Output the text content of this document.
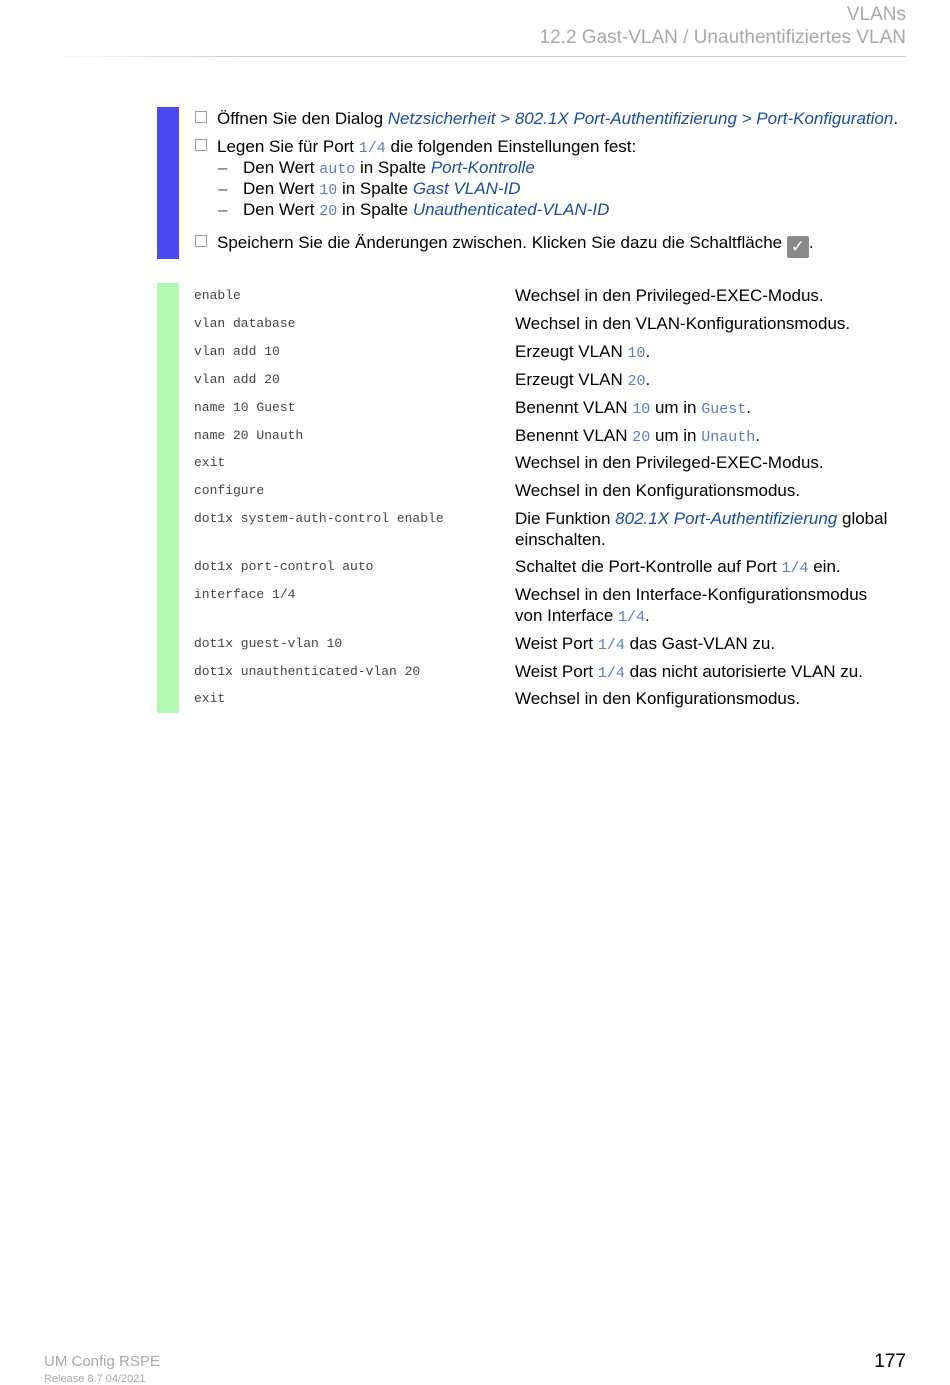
VLANs
12.2 Gast-VLAN / Unauthentifiziertes VLAN
Öffnen Sie den Dialog Netzsicherheit > 802.1X Port-Authentifizierung > Port-Konfiguration.
Legen Sie für Port 1/4 die folgenden Einstellungen fest:
– Den Wert auto in Spalte Port-Kontrolle
– Den Wert 10 in Spalte Gast VLAN-ID
– Den Wert 20 in Spalte Unauthenticated-VLAN-ID
Speichern Sie die Änderungen zwischen. Klicken Sie dazu die Schaltfläche ✓ .
enable	Wechsel in den Privileged-EXEC-Modus.
vlan database	Wechsel in den VLAN-Konfigurationsmodus.
vlan add 10	Erzeugt VLAN 10.
vlan add 20	Erzeugt VLAN 20.
name 10 Guest	Benennt VLAN 10 um in Guest.
name 20 Unauth	Benennt VLAN 20 um in Unauth.
exit	Wechsel in den Privileged-EXEC-Modus.
configure	Wechsel in den Konfigurationsmodus.
dot1x system-auth-control enable	Die Funktion 802.1X Port-Authentifizierung global einschalten.
dot1x port-control auto	Schaltet die Port-Kontrolle auf Port 1/4 ein.
interface 1/4	Wechsel in den Interface-Konfigurationsmodus von Interface 1/4.
dot1x guest-vlan 10	Weist Port 1/4 das Gast-VLAN zu.
dot1x unauthenticated-vlan 20	Weist Port 1/4 das nicht autorisierte VLAN zu.
exit	Wechsel in den Konfigurationsmodus.
UM Config RSPE
Release 8.7 04/2021
177
